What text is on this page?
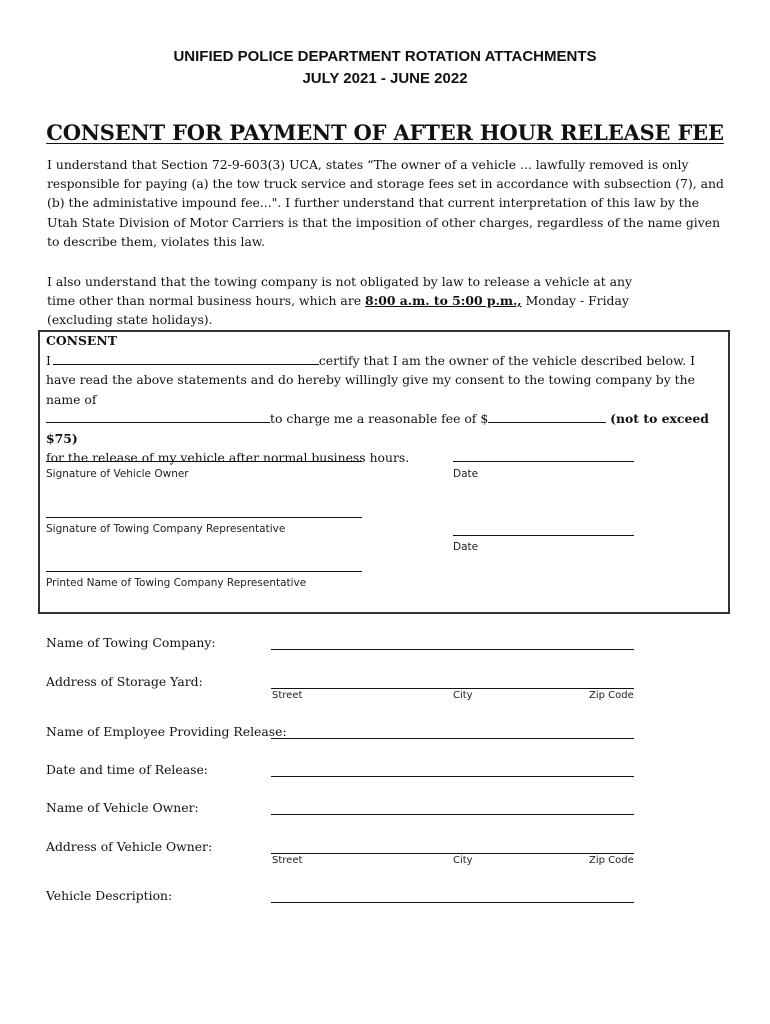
UNIFIED POLICE DEPARTMENT ROTATION ATTACHMENTS
JULY 2021 - JUNE 2022
CONSENT FOR PAYMENT OF AFTER HOUR RELEASE FEE
I understand that Section 72-9-603(3) UCA, states “The owner of a vehicle ... lawfully removed is only responsible for paying (a) the tow truck service and storage fees set in accordance with subsection (7), and (b) the administative impound fee...". I further understand that current interpretation of this law by the Utah State Division of Motor Carriers is that the imposition of other charges, regardless of the name given to describe them, violates this law.
I also understand that the towing company is not obligated by law to release a vehicle at any time other than normal business hours, which are 8:00 a.m. to 5:00 p.m., Monday - Friday (excluding state holidays).
CONSENT
I	certify that I am the owner of the vehicle described below. I have read the above statements and do hereby willingly give my consent to the towing company by the name of
to charge me a reasonable fee of $	(not to exceed $75)
for the release of my vehicle after normal business hours.
Signature of Vehicle Owner	Date
Signature of Towing Company Representative
Date
Printed Name of Towing Company Representative
Name of Towing Company:
Address of Storage Yard:
Street	City	Zip Code
Name of Employee Providing Release:
Date and time of Release:
Name of Vehicle Owner:
Address of Vehicle Owner:
Street	City	Zip Code
Vehicle Description:
